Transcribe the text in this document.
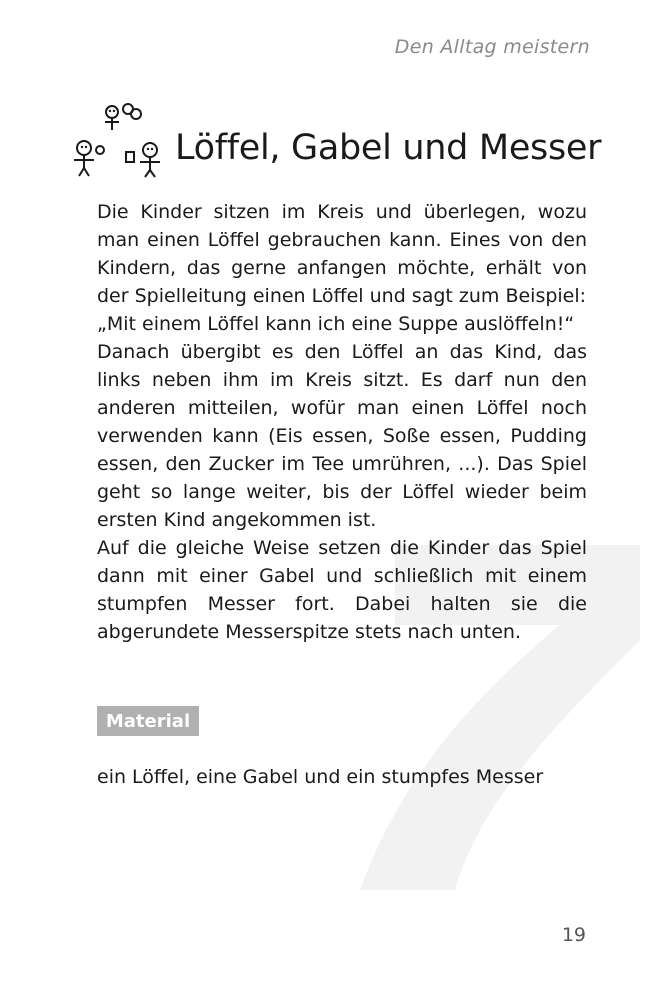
Den Alltag meistern
Löffel, Gabel und Messer

Die Kinder sitzen im Kreis und überlegen, wozu man einen Löffel gebrauchen kann. Eines von den Kindern, das gerne anfangen möchte, erhält von der Spielleitung einen Löffel und sagt zum Beispiel:

„Mit einem Löffel kann ich eine Suppe auslöffeln!“

Danach übergibt es den Löffel an das Kind, das links neben ihm im Kreis sitzt. Es darf nun den anderen mitteilen, wofür man einen Löffel noch verwenden kann (Eis essen, Soße essen, Pudding essen, den Zucker im Tee umrühren, ...). Das Spiel geht so lange weiter, bis der Löffel wieder beim ersten Kind angekommen ist.

Auf die gleiche Weise setzen die Kinder das Spiel dann mit einer Gabel und schließlich mit einem stumpfen Messer fort. Dabei halten sie die abgerundete Messerspitze stets nach unten.

Material
ein Löffel, eine Gabel und ein stumpfes Messer
19
